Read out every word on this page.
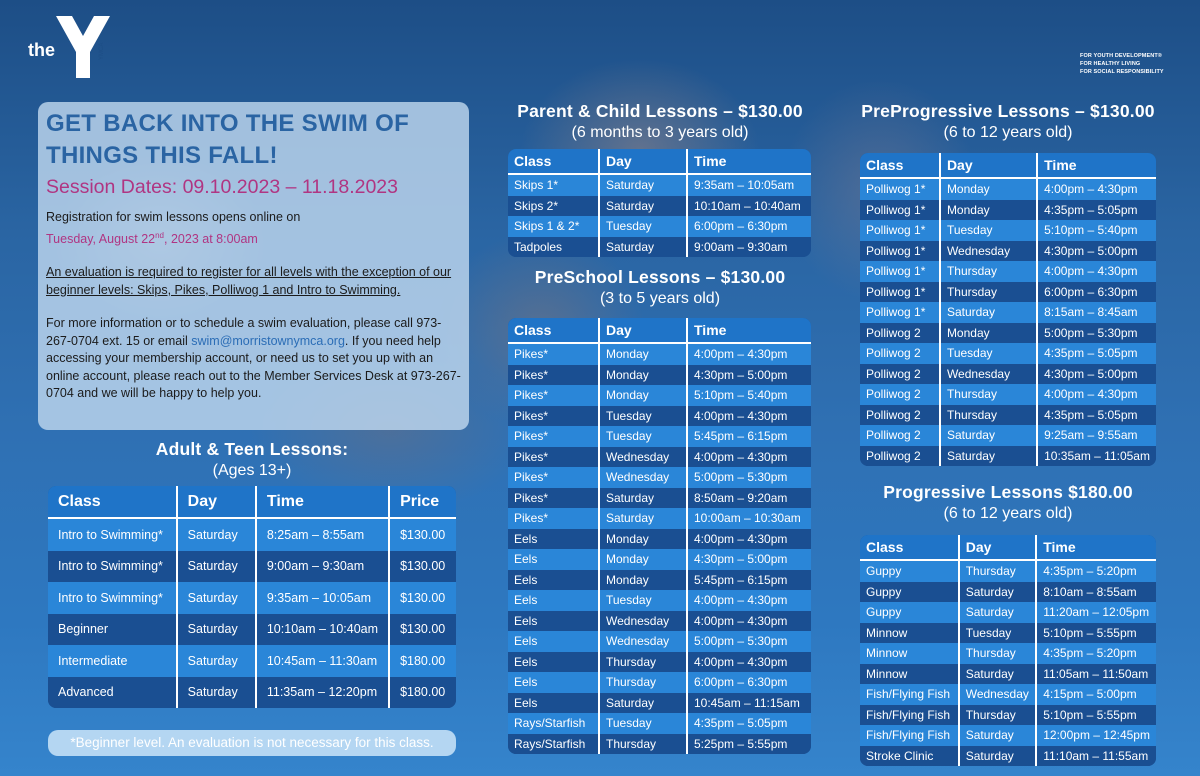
the	YMCA	FOR YOUTH DEVELOPMENT®
FOR HEALTHY LIVING
FOR SOCIAL RESPONSIBILITY
GET BACK INTO THE SWIM OF THINGS THIS FALL!
Session Dates: 09.10.2023 – 11.18.2023

Registration for swim lessons opens online on
Tuesday, August 22nd, 2023 at 8:00am

An evaluation is required to register for all levels with the exception of our beginner levels: Skips, Pikes, Polliwog 1 and Intro to Swimming.

For more information or to schedule a swim evaluation, please call 973-267-0704 ext. 15 or email swim@morristownymca.org. If you need help accessing your membership account, or need us to set you up with an online account, please reach out to the Member Services Desk at 973-267-0704 and we will be happy to help you.

Adult & Teen Lessons:
(Ages 13+)
Class	Day	Time	Price
Intro to Swimming*	Saturday	8:25am – 8:55am	$130.00
Intro to Swimming*	Saturday	9:00am – 9:30am	$130.00
Intro to Swimming*	Saturday	9:35am – 10:05am	$130.00
Beginner	Saturday	10:10am – 10:40am	$130.00
Intermediate	Saturday	10:45am – 11:30am	$180.00
Advanced	Saturday	11:35am – 12:20pm	$180.00
*Beginner level. An evaluation is not necessary for this class.
Parent & Child Lessons – $130.00
(6 months to 3 years old)
Class	Day	Time
Skips 1*	Saturday	9:35am – 10:05am
Skips 2*	Saturday	10:10am – 10:40am
Skips 1 & 2*	Tuesday	6:00pm – 6:30pm
Tadpoles	Saturday	9:00am – 9:30am
PreSchool Lessons – $130.00
(3 to 5 years old)
Class	Day	Time
Pikes*	Monday	4:00pm – 4:30pm
Pikes*	Monday	4:30pm – 5:00pm
Pikes*	Monday	5:10pm – 5:40pm
Pikes*	Tuesday	4:00pm – 4:30pm
Pikes*	Tuesday	5:45pm – 6:15pm
Pikes*	Wednesday	4:00pm – 4:30pm
Pikes*	Wednesday	5:00pm – 5:30pm
Pikes*	Saturday	8:50am – 9:20am
Pikes*	Saturday	10:00am – 10:30am
Eels	Monday	4:00pm – 4:30pm
Eels	Monday	4:30pm – 5:00pm
Eels	Monday	5:45pm – 6:15pm
Eels	Tuesday	4:00pm – 4:30pm
Eels	Wednesday	4:00pm – 4:30pm
Eels	Wednesday	5:00pm – 5:30pm
Eels	Thursday	4:00pm – 4:30pm
Eels	Thursday	6:00pm – 6:30pm
Eels	Saturday	10:45am – 11:15am
Rays/Starfish	Tuesday	4:35pm – 5:05pm
Rays/Starfish	Thursday	5:25pm – 5:55pm
PreProgressive Lessons – $130.00
(6 to 12 years old)
Class	Day	Time
Polliwog 1*	Monday	4:00pm – 4:30pm
Polliwog 1*	Monday	4:35pm – 5:05pm
Polliwog 1*	Tuesday	5:10pm – 5:40pm
Polliwog 1*	Wednesday	4:30pm – 5:00pm
Polliwog 1*	Thursday	4:00pm – 4:30pm
Polliwog 1*	Thursday	6:00pm – 6:30pm
Polliwog 1*	Saturday	8:15am – 8:45am
Polliwog 2	Monday	5:00pm – 5:30pm
Polliwog 2	Tuesday	4:35pm – 5:05pm
Polliwog 2	Wednesday	4:30pm – 5:00pm
Polliwog 2	Thursday	4:00pm – 4:30pm
Polliwog 2	Thursday	4:35pm – 5:05pm
Polliwog 2	Saturday	9:25am – 9:55am
Polliwog 2	Saturday	10:35am – 11:05am
Progressive Lessons $180.00
(6 to 12 years old)
Class	Day	Time
Guppy	Thursday	4:35pm – 5:20pm
Guppy	Saturday	8:10am – 8:55am
Guppy	Saturday	11:20am – 12:05pm
Minnow	Tuesday	5:10pm – 5:55pm
Minnow	Thursday	4:35pm – 5:20pm
Minnow	Saturday	11:05am – 11:50am
Fish/Flying Fish	Wednesday	4:15pm – 5:00pm
Fish/Flying Fish	Thursday	5:10pm – 5:55pm
Fish/Flying Fish	Saturday	12:00pm – 12:45pm
Stroke Clinic	Saturday	11:10am – 11:55am
